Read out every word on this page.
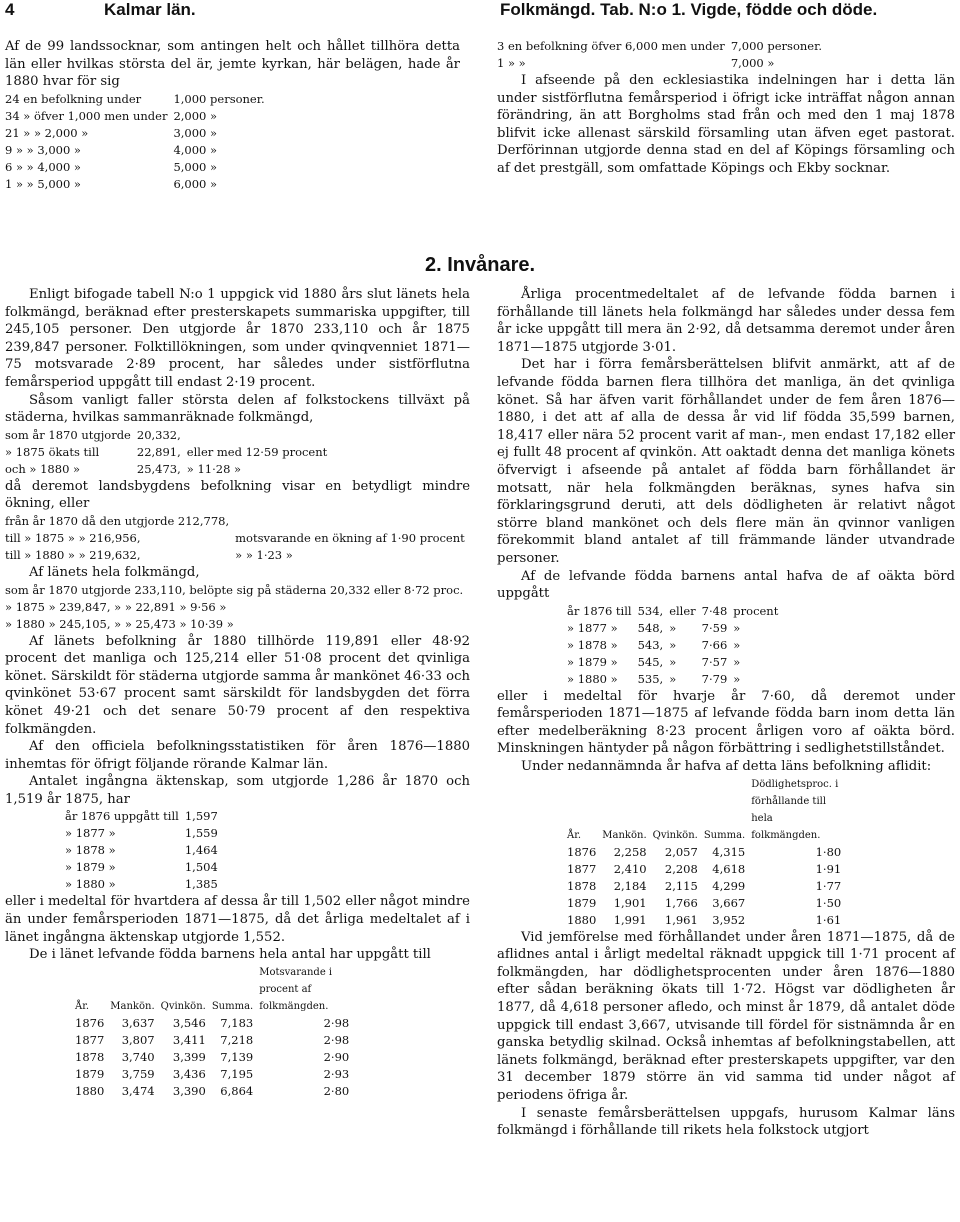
4	Kalmar län.	Folkmängd. Tab. N:o 1. Vigde, födde och döde.

Af de 99 landssocknar, som antingen helt och hållet tillhöra detta län eller hvilkas största del är, jemte kyrkan, här belägen, hade år 1880 hvar för sig

24 en befolkning under	1,000 personer.
34 » öfver 1,000 men under	2,000 »
21 » » 2,000 »	3,000 »
9 » » 3,000 »	4,000 »
6 » » 4,000 »	5,000 »
1 » » 5,000 »	6,000 »
3 en befolkning öfver 6,000 men under	7,000 personer.
1 » »	7,000 »

I afseende på den ecklesiastika indelningen har i detta län under sistförflutna femårsperiod i öfrigt icke inträffat någon annan förändring, än att Borgholms stad från och med den 1 maj 1878 blifvit icke allenast särskild församling utan äfven eget pastorat. Derförinnan utgjorde denna stad en del af Köpings församling och af det prestgäll, som omfattade Köpings och Ekby socknar.

2. Invånare.

Enligt bifogade tabell N:o 1 uppgick vid 1880 års slut länets hela folkmängd, beräknad efter presterskapets summariska uppgifter, till 245,105 personer. Den utgjorde år 1870 233,110 och år 1875 239,847 personer. Folktillökningen, som under qvinqvenniet 1871—75 motsvarade 2·89 procent, har således under sistförflutna femårsperiod uppgått till endast 2·19 procent.

Såsom vanligt faller största delen af folkstockens tillväxt på städerna, hvilkas sammanräknade folkmängd,

som år 1870 utgjorde	20,332,	
» 1875 ökats till	22,891,	eller med 12·59 procent
och » 1880 »	25,473,	» 11·28 »

då deremot landsbygdens befolkning visar en betydligt mindre ökning, eller

från år 1870 då den utgjorde 212,778,	
till » 1875 » » 216,956,	motsvarande en ökning af 1·90 procent
till » 1880 » » 219,632,	» » 1·23 »

Af länets hela folkmängd,

som år 1870 utgjorde 233,110, belöpte sig på städerna 20,332 eller 8·72 proc.
» 1875 » 239,847, » » 22,891 » 9·56 »
» 1880 » 245,105, » » 25,473 » 10·39 »

Af länets befolkning år 1880 tillhörde 119,891 eller 48·92 procent det manliga och 125,214 eller 51·08 procent det qvinliga könet. Särskildt för städerna utgjorde samma år mankönet 46·33 och qvinkönet 53·67 procent samt särskildt för landsbygden det förra könet 49·21 och det senare 50·79 procent af den respektiva folkmängden.

Af den officiela befolkningsstatistiken för åren 1876—1880 inhemtas för öfrigt följande rörande Kalmar län.

Antalet ingångna äktenskap, som utgjorde 1,286 år 1870 och 1,519 år 1875, har

år 1876 uppgått till	1,597
» 1877 »	1,559
» 1878 »	1,464
» 1879 »	1,504
» 1880 »	1,385

eller i medeltal för hvartdera af dessa år till 1,502 eller något mindre än under femårsperioden 1871—1875, då det årliga medeltalet af i länet ingångna äktenskap utgjorde 1,552.

De i länet lefvande födda barnens hela antal har uppgått till

År.	Mankön.	Qvinkön.	Summa.	Motsvarande i procent af folkmängden.
1876	3,637	3,546	7,183	2·98
1877	3,807	3,411	7,218	2·98
1878	3,740	3,399	7,139	2·90
1879	3,759	3,436	7,195	2·93
1880	3,474	3,390	6,864	2·80

Årliga procentmedeltalet af de lefvande födda barnen i förhållande till länets hela folkmängd har således under dessa fem år icke uppgått till mera än 2·92, då detsamma deremot under åren 1871—1875 utgjorde 3·01.

Det har i förra femårsberättelsen blifvit anmärkt, att af de lefvande födda barnen flera tillhöra det manliga, än det qvinliga könet. Så har äfven varit förhållandet under de fem åren 1876—1880, i det att af alla de dessa år vid lif födda 35,599 barnen, 18,417 eller nära 52 procent varit af man-, men endast 17,182 eller ej fullt 48 procent af qvinkön. Att oaktadt denna det manliga könets öfvervigt i afseende på antalet af födda barn förhållandet är motsatt, när hela folkmängden beräknas, synes hafva sin förklaringsgrund deruti, att dels dödligheten är relativt något större bland mankönet och dels flere män än qvinnor vanligen förekommit bland antalet af till främmande länder utvandrade personer.

Af de lefvande födda barnens antal hafva de af oäkta börd uppgått

år 1876 till	534,	eller	7·48	procent
» 1877 »	548,	»	7·59	»
» 1878 »	543,	»	7·66	»
» 1879 »	545,	»	7·57	»
» 1880 »	535,	»	7·79	»

eller i medeltal för hvarje år 7·60, då deremot under femårsperioden 1871—1875 af lefvande födda barn inom detta län efter medelberäkning 8·23 procent årligen voro af oäkta börd. Minskningen häntyder på någon förbättring i sedlighetstillståndet.

Under nedannämnda år hafva af detta läns befolkning aflidit:

År.	Mankön.	Qvinkön.	Summa.	Dödlighetsproc. i förhållande till hela folkmängden.
1876	2,258	2,057	4,315	1·80
1877	2,410	2,208	4,618	1·91
1878	2,184	2,115	4,299	1·77
1879	1,901	1,766	3,667	1·50
1880	1,991	1,961	3,952	1·61

Vid jemförelse med förhållandet under åren 1871—1875, då de aflidnes antal i årligt medeltal räknadt uppgick till 1·71 procent af folkmängden, har dödlighetsprocenten under åren 1876—1880 efter sådan beräkning ökats till 1·72. Högst var dödligheten år 1877, då 4,618 personer afledo, och minst år 1879, då antalet döde uppgick till endast 3,667, utvisande till fördel för sistnämnda år en ganska betydlig skilnad. Också inhemtas af befolkningstabellen, att länets folkmängd, beräknad efter presterskapets uppgifter, var den 31 december 1879 större än vid samma tid under något af periodens öfriga år.

I senaste femårsberättelsen uppgafs, hurusom Kalmar läns folkmängd i förhållande till rikets hela folkstock utgjort
